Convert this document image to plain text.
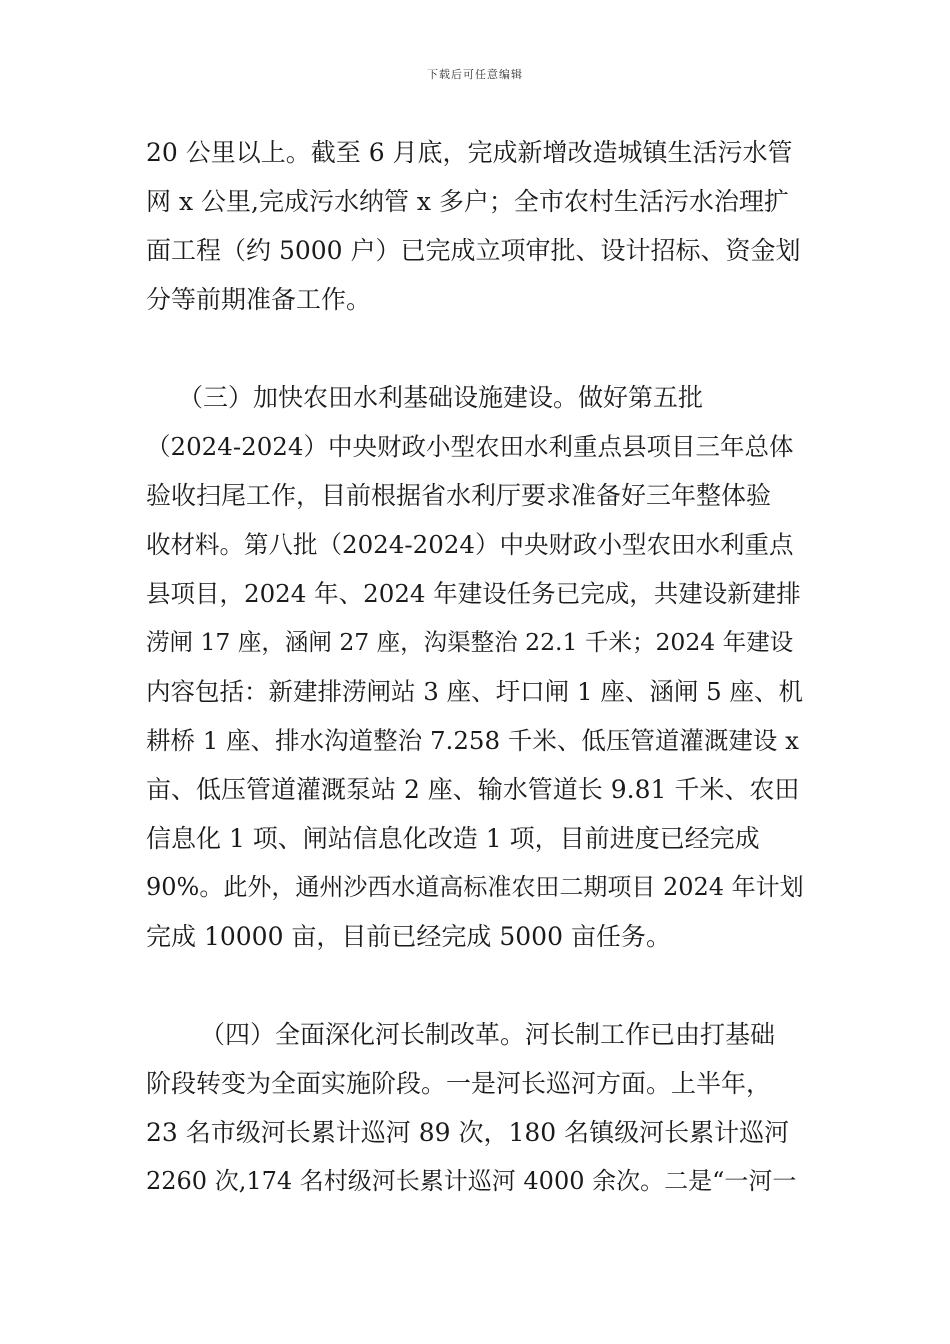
下载后可任意编辑
20 公里以上。截至 6 月底，完成新增改造城镇生活污水管
网 x 公里,完成污水纳管 x 多户；全市农村生活污水治理扩
面工程（约 5000 户）已完成立项审批、设计招标、资金划
分等前期准备工作。
（三）加快农田水利基础设施建设。做好第五批
（2024-2024）中央财政小型农田水利重点县项目三年总体
验收扫尾工作，目前根据省水利厅要求准备好三年整体验
收材料。第八批（2024-2024）中央财政小型农田水利重点
县项目，2024 年、2024 年建设任务已完成，共建设新建排
涝闸 17 座，涵闸 27 座，沟渠整治 22.1 千米；2024 年建设
内容包括：新建排涝闸站 3 座、圩口闸 1 座、涵闸 5 座、机
耕桥 1 座、排水沟道整治 7.258 千米、低压管道灌溉建设 x
亩、低压管道灌溉泵站 2 座、输水管道长 9.81 千米、农田
信息化 1 项、闸站信息化改造 1 项，目前进度已经完成
90%。此外，通州沙西水道高标准农田二期项目 2024 年计划
完成 10000 亩，目前已经完成 5000 亩任务。
（四）全面深化河长制改革。河长制工作已由打基础
阶段转变为全面实施阶段。一是河长巡河方面。上半年，
23 名市级河长累计巡河 89 次，180 名镇级河长累计巡河
2260 次,174 名村级河长累计巡河 4000 余次。二是“一河一
